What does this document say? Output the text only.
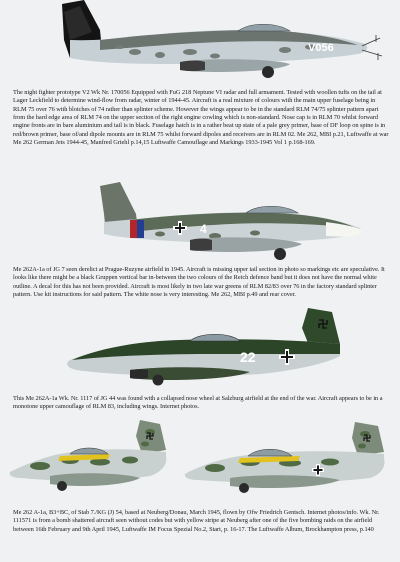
V056
The night fighter prototype V2 Wk Nr. 170056 Equipped with FuG 218 Neptune VI radar and full armament. Tested with woollen tufts on the tail at Lager Leckfield to determine wind-flow from radar, winter of 1944-45. Aircraft is a real mixture of colours with the main upper fuselage being in RLM 75 over 76 with blotches of 74 rather than splinter scheme. However the wings appear to be in the standard RLM 74/75 splinter pattern apart from the hard edge area of RLM 74 on the upper section of the right engine cowling which is non-standard. Nose cap is in RLM 70 whilst forward engine fronts are in bare aluminium and tail is in black. Fuselage hatch is in a rather beat up state of a pale grey primer, base of DF loop on spine is in red/brown primer, base of/and dipole mounts are in RLM 75 whilst forward dipoles and receivers are in RLM 02. Me 262, MBI p.21, Luftwaffe at war Me 262 German Jets 1944-45, Manfred Griehl p.14,15 Luftwaffe Camouflage and Markings 1933-1945 Vol 1 p.168-169.
4
Me 262A-1a of JG 7 seen derelict at Prague-Ruzyne airfield in 1945. Aircraft is missing upper tail section in photo so markings etc are speculative. It looks like there might be a black Gruppen vertical bar in-between the two colours of the Reich defence band but it does not have the normal white outline. A decal for this has not been provided. Aircraft is most likely in two late war greens of RLM 82/83 over 76 in the factory standard splinter pattern. Use kit instructions for said pattern. The white nose is very interesting. Me 262, MBI p.49 and rear cover.
22
This Me 262A-1a Wk. Nr. 1117 of JG 44 was found with a collapsed nose wheel at Salzburg airfield at the end of the war. Aircraft appears to be in a monotone upper camouflage of RLM 83, including wings. Internet photos.
Me 262 A-1a, B3+BC, of Stab 7./KG (J) 54, based at Neuberg/Donau, March 1945, flown by Ofw Friedrich Gentsch. Internet photos/info. Wk. Nr. 111571 is from a bomb shattered aircraft seen without codes but with yellow stripe at Neuberg after one of the five bombing raids on the airfield between 16th February and 9th April 1945, Luftwaffe IM Focus Spezial No.2, Start, p. 16-17. The Luftwaffe Album, Brockhampton press, p.140
